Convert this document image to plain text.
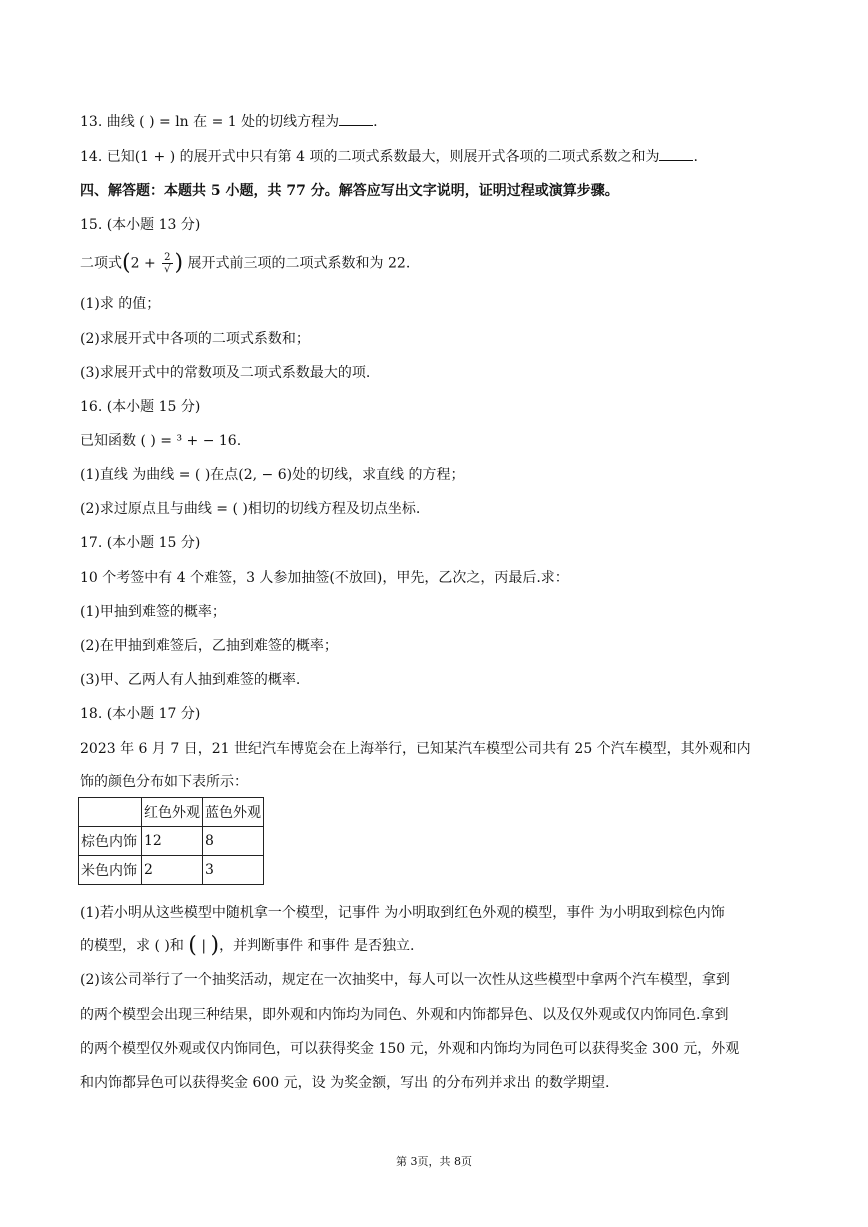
13. 曲线 ( ) = ln 在 = 1 处的切线方程为 .
14. 已知(1 + ) 的展开式中只有第 4 项的二项式系数最大，则展开式各项的二项式系数之和为 .
四、解答题：本题共 5 小题，共 77 分。解答应写出文字说明，证明过程或演算步骤。
15. (本小题 13 分)
二项式($2 + \frac{2}{√}$ ) 展开式前三项的二项式系数和为 22.
(1)求 的值；
(2)求展开式中各项的二项式系数和；
(3)求展开式中的常数项及二项式系数最大的项.
16. (本小题 15 分)
已知函数 ( ) = ³ + − 16.
(1)直线 为曲线 = ( )在点(2, − 6)处的切线，求直线 的方程；
(2)求过原点且与曲线 = ( )相切的切线方程及切点坐标.
17. (本小题 15 分)
10 个考签中有 4 个难签，3 人参加抽签(不放回)，甲先，乙次之，丙最后.求：
(1)甲抽到难签的概率；
(2)在甲抽到难签后，乙抽到难签的概率；
(3)甲、乙两人有人抽到难签的概率.
18. (本小题 17 分)
2023 年 6 月 7 日，21 世纪汽车博览会在上海举行，已知某汽车模型公司共有 25 个汽车模型，其外观和内
饰的颜色分布如下表所示：
	红色外观	蓝色外观
棕色内饰	12	8
米色内饰	2	3
(1)若小明从这些模型中随机拿一个模型，记事件 为小明取到红色外观的模型，事件 为小明取到棕色内饰
的模型，求 ( )和 ( | )，并判断事件 和事件 是否独立.
(2)该公司举行了一个抽奖活动，规定在一次抽奖中，每人可以一次性从这些模型中拿两个汽车模型，拿到
的两个模型会出现三种结果，即外观和内饰均为同色、外观和内饰都异色、以及仅外观或仅内饰同色.拿到
的两个模型仅外观或仅内饰同色，可以获得奖金 150 元，外观和内饰均为同色可以获得奖金 300 元，外观
和内饰都异色可以获得奖金 600 元，设 为奖金额，写出 的分布列并求出 的数学期望.
第 3页，共 8页
